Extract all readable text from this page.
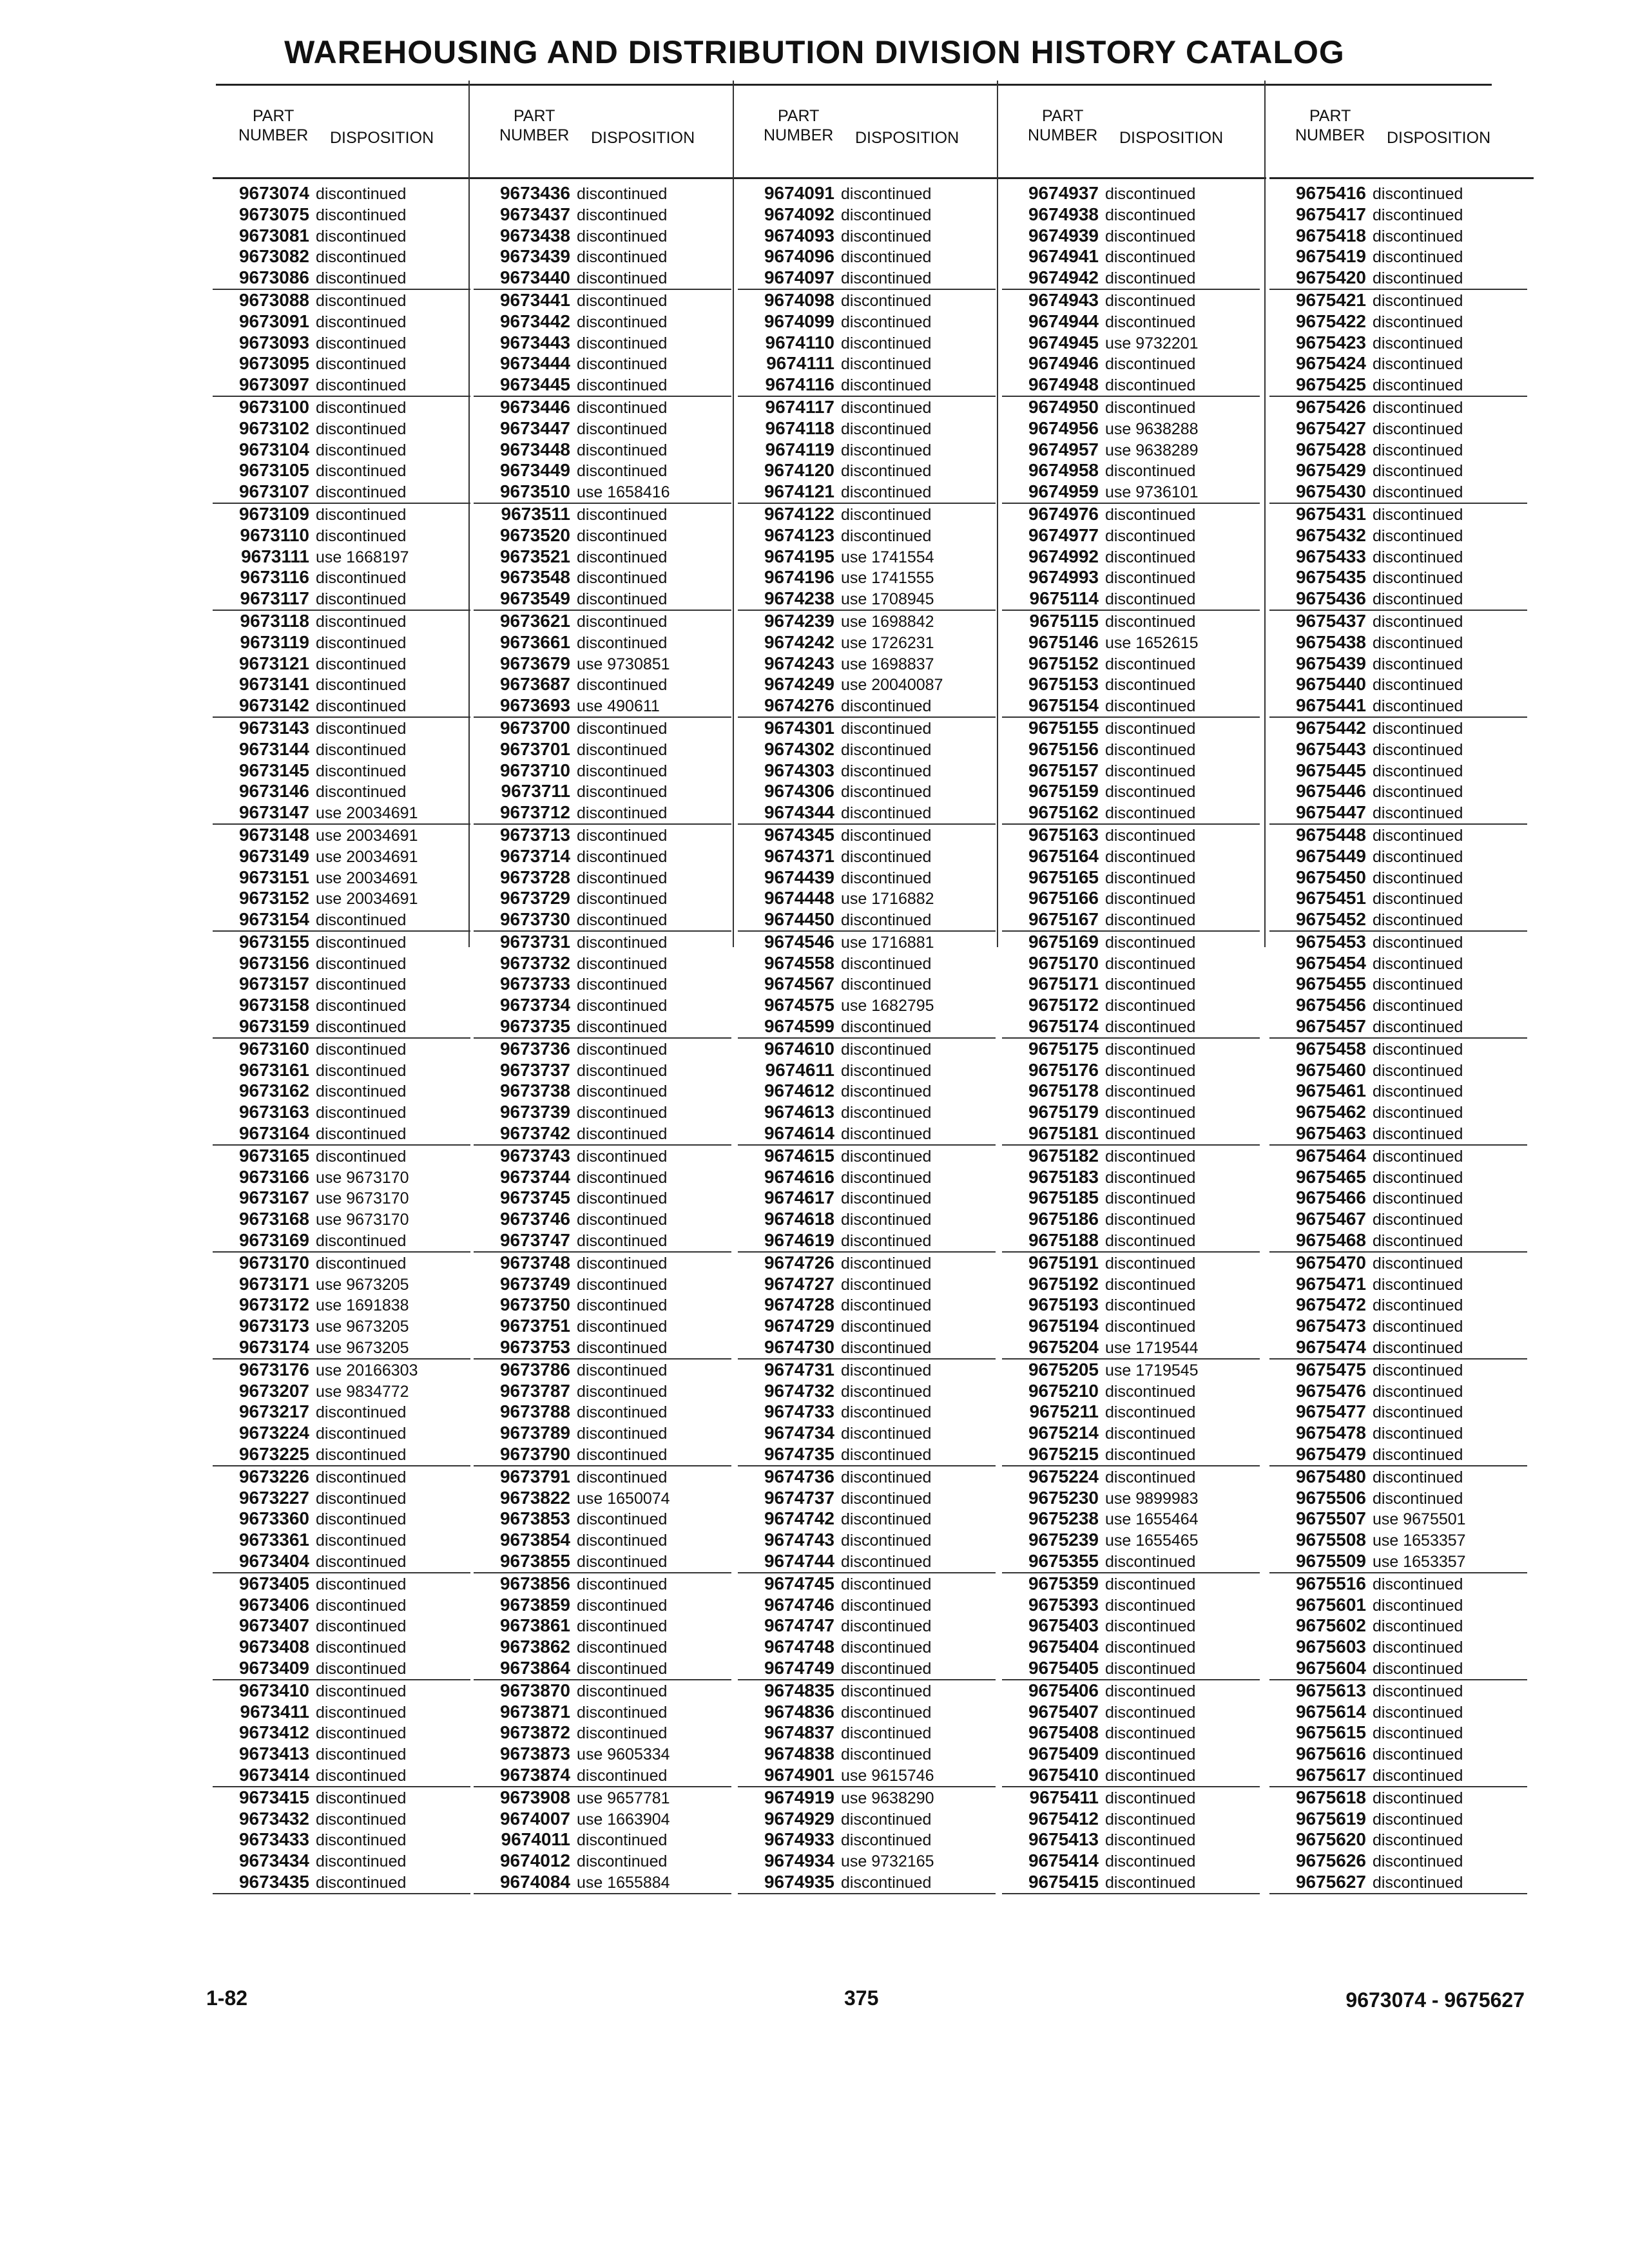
WAREHOUSING AND DISTRIBUTION DIVISION HISTORY CATALOG
PART
NUMBER DISPOSITION
9673074 discontinued
9673075 discontinued
9673081 discontinued
9673082 discontinued
9673086 discontinued
9673088 discontinued
9673091 discontinued
9673093 discontinued
9673095 discontinued
9673097 discontinued
9673100 discontinued
9673102 discontinued
9673104 discontinued
9673105 discontinued
9673107 discontinued
9673109 discontinued
9673110 discontinued
9673111 use 1668197
9673116 discontinued
9673117 discontinued
9673118 discontinued
9673119 discontinued
9673121 discontinued
9673141 discontinued
9673142 discontinued
9673143 discontinued
9673144 discontinued
9673145 discontinued
9673146 discontinued
9673147 use 20034691
9673148 use 20034691
9673149 use 20034691
9673151 use 20034691
9673152 use 20034691
9673154 discontinued
9673155 discontinued
9673156 discontinued
9673157 discontinued
9673158 discontinued
9673159 discontinued
9673160 discontinued
9673161 discontinued
9673162 discontinued
9673163 discontinued
9673164 discontinued
9673165 discontinued
9673166 use 9673170
9673167 use 9673170
9673168 use 9673170
9673169 discontinued
9673170 discontinued
9673171 use 9673205
9673172 use 1691838
9673173 use 9673205
9673174 use 9673205
9673176 use 20166303
9673207 use 9834772
9673217 discontinued
9673224 discontinued
9673225 discontinued
9673226 discontinued
9673227 discontinued
9673360 discontinued
9673361 discontinued
9673404 discontinued
9673405 discontinued
9673406 discontinued
9673407 discontinued
9673408 discontinued
9673409 discontinued
9673410 discontinued
9673411 discontinued
9673412 discontinued
9673413 discontinued
9673414 discontinued
9673415 discontinued
9673432 discontinued
9673433 discontinued
9673434 discontinued
9673435 discontinued
PART
NUMBER DISPOSITION
9673436 discontinued
9673437 discontinued
9673438 discontinued
9673439 discontinued
9673440 discontinued
9673441 discontinued
9673442 discontinued
9673443 discontinued
9673444 discontinued
9673445 discontinued
9673446 discontinued
9673447 discontinued
9673448 discontinued
9673449 discontinued
9673510 use 1658416
9673511 discontinued
9673520 discontinued
9673521 discontinued
9673548 discontinued
9673549 discontinued
9673621 discontinued
9673661 discontinued
9673679 use 9730851
9673687 discontinued
9673693 use 490611
9673700 discontinued
9673701 discontinued
9673710 discontinued
9673711 discontinued
9673712 discontinued
9673713 discontinued
9673714 discontinued
9673728 discontinued
9673729 discontinued
9673730 discontinued
9673731 discontinued
9673732 discontinued
9673733 discontinued
9673734 discontinued
9673735 discontinued
9673736 discontinued
9673737 discontinued
9673738 discontinued
9673739 discontinued
9673742 discontinued
9673743 discontinued
9673744 discontinued
9673745 discontinued
9673746 discontinued
9673747 discontinued
9673748 discontinued
9673749 discontinued
9673750 discontinued
9673751 discontinued
9673753 discontinued
9673786 discontinued
9673787 discontinued
9673788 discontinued
9673789 discontinued
9673790 discontinued
9673791 discontinued
9673822 use 1650074
9673853 discontinued
9673854 discontinued
9673855 discontinued
9673856 discontinued
9673859 discontinued
9673861 discontinued
9673862 discontinued
9673864 discontinued
9673870 discontinued
9673871 discontinued
9673872 discontinued
9673873 use 9605334
9673874 discontinued
9673908 use 9657781
9674007 use 1663904
9674011 discontinued
9674012 discontinued
9674084 use 1655884
PART
NUMBER DISPOSITION
9674091 discontinued
9674092 discontinued
9674093 discontinued
9674096 discontinued
9674097 discontinued
9674098 discontinued
9674099 discontinued
9674110 discontinued
9674111 discontinued
9674116 discontinued
9674117 discontinued
9674118 discontinued
9674119 discontinued
9674120 discontinued
9674121 discontinued
9674122 discontinued
9674123 discontinued
9674195 use 1741554
9674196 use 1741555
9674238 use 1708945
9674239 use 1698842
9674242 use 1726231
9674243 use 1698837
9674249 use 20040087
9674276 discontinued
9674301 discontinued
9674302 discontinued
9674303 discontinued
9674306 discontinued
9674344 discontinued
9674345 discontinued
9674371 discontinued
9674439 discontinued
9674448 use 1716882
9674450 discontinued
9674546 use 1716881
9674558 discontinued
9674567 discontinued
9674575 use 1682795
9674599 discontinued
9674610 discontinued
9674611 discontinued
9674612 discontinued
9674613 discontinued
9674614 discontinued
9674615 discontinued
9674616 discontinued
9674617 discontinued
9674618 discontinued
9674619 discontinued
9674726 discontinued
9674727 discontinued
9674728 discontinued
9674729 discontinued
9674730 discontinued
9674731 discontinued
9674732 discontinued
9674733 discontinued
9674734 discontinued
9674735 discontinued
9674736 discontinued
9674737 discontinued
9674742 discontinued
9674743 discontinued
9674744 discontinued
9674745 discontinued
9674746 discontinued
9674747 discontinued
9674748 discontinued
9674749 discontinued
9674835 discontinued
9674836 discontinued
9674837 discontinued
9674838 discontinued
9674901 use 9615746
9674919 use 9638290
9674929 discontinued
9674933 discontinued
9674934 use 9732165
9674935 discontinued
PART
NUMBER DISPOSITION
9674937 discontinued
9674938 discontinued
9674939 discontinued
9674941 discontinued
9674942 discontinued
9674943 discontinued
9674944 discontinued
9674945 use 9732201
9674946 discontinued
9674948 discontinued
9674950 discontinued
9674956 use 9638288
9674957 use 9638289
9674958 discontinued
9674959 use 9736101
9674976 discontinued
9674977 discontinued
9674992 discontinued
9674993 discontinued
9675114 discontinued
9675115 discontinued
9675146 use 1652615
9675152 discontinued
9675153 discontinued
9675154 discontinued
9675155 discontinued
9675156 discontinued
9675157 discontinued
9675159 discontinued
9675162 discontinued
9675163 discontinued
9675164 discontinued
9675165 discontinued
9675166 discontinued
9675167 discontinued
9675169 discontinued
9675170 discontinued
9675171 discontinued
9675172 discontinued
9675174 discontinued
9675175 discontinued
9675176 discontinued
9675178 discontinued
9675179 discontinued
9675181 discontinued
9675182 discontinued
9675183 discontinued
9675185 discontinued
9675186 discontinued
9675188 discontinued
9675191 discontinued
9675192 discontinued
9675193 discontinued
9675194 discontinued
9675204 use 1719544
9675205 use 1719545
9675210 discontinued
9675211 discontinued
9675214 discontinued
9675215 discontinued
9675224 discontinued
9675230 use 9899983
9675238 use 1655464
9675239 use 1655465
9675355 discontinued
9675359 discontinued
9675393 discontinued
9675403 discontinued
9675404 discontinued
9675405 discontinued
9675406 discontinued
9675407 discontinued
9675408 discontinued
9675409 discontinued
9675410 discontinued
9675411 discontinued
9675412 discontinued
9675413 discontinued
9675414 discontinued
9675415 discontinued
PART
NUMBER DISPOSITION
9675416 discontinued
9675417 discontinued
9675418 discontinued
9675419 discontinued
9675420 discontinued
9675421 discontinued
9675422 discontinued
9675423 discontinued
9675424 discontinued
9675425 discontinued
9675426 discontinued
9675427 discontinued
9675428 discontinued
9675429 discontinued
9675430 discontinued
9675431 discontinued
9675432 discontinued
9675433 discontinued
9675435 discontinued
9675436 discontinued
9675437 discontinued
9675438 discontinued
9675439 discontinued
9675440 discontinued
9675441 discontinued
9675442 discontinued
9675443 discontinued
9675445 discontinued
9675446 discontinued
9675447 discontinued
9675448 discontinued
9675449 discontinued
9675450 discontinued
9675451 discontinued
9675452 discontinued
9675453 discontinued
9675454 discontinued
9675455 discontinued
9675456 discontinued
9675457 discontinued
9675458 discontinued
9675460 discontinued
9675461 discontinued
9675462 discontinued
9675463 discontinued
9675464 discontinued
9675465 discontinued
9675466 discontinued
9675467 discontinued
9675468 discontinued
9675470 discontinued
9675471 discontinued
9675472 discontinued
9675473 discontinued
9675474 discontinued
9675475 discontinued
9675476 discontinued
9675477 discontinued
9675478 discontinued
9675479 discontinued
9675480 discontinued
9675506 discontinued
9675507 use 9675501
9675508 use 1653357
9675509 use 1653357
9675516 discontinued
9675601 discontinued
9675602 discontinued
9675603 discontinued
9675604 discontinued
9675613 discontinued
9675614 discontinued
9675615 discontinued
9675616 discontinued
9675617 discontinued
9675618 discontinued
9675619 discontinued
9675620 discontinued
9675626 discontinued
9675627 discontinued
1-82	375	9673074 - 9675627
